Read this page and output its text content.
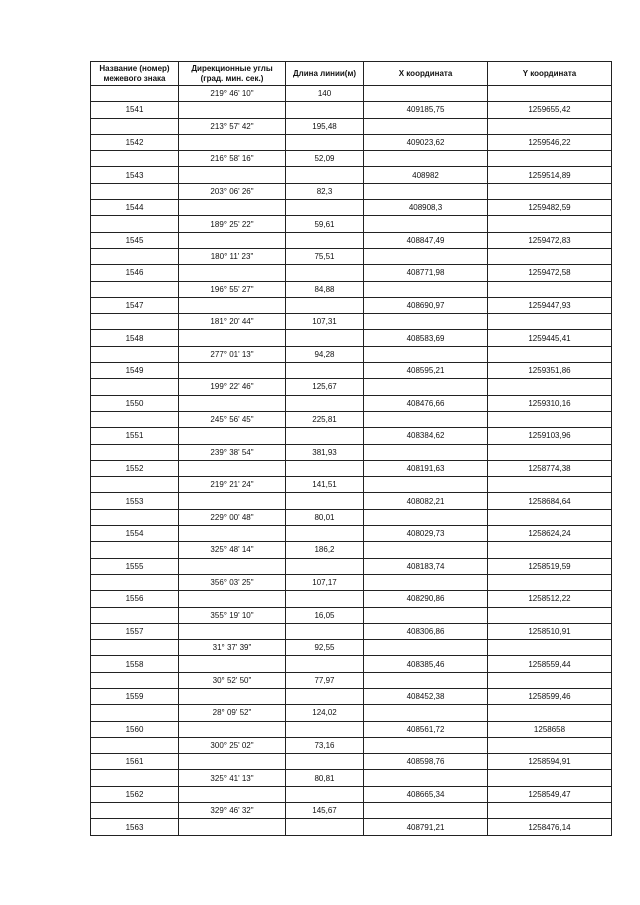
Название (номер)
межевого знака	Дирекционные углы
(град. мин. сек.)	Длина линии(м)	X координата	Y координата
	219° 46' 10"	140		
1541			409185,75	1259655,42
	213° 57' 42"	195,48		
1542			409023,62	1259546,22
	216° 58' 16"	52,09		
1543			408982	1259514,89
	203° 06' 26"	82,3		
1544			408908,3	1259482,59
	189° 25' 22"	59,61		
1545			408847,49	1259472,83
	180° 11' 23"	75,51		
1546			408771,98	1259472,58
	196° 55' 27"	84,88		
1547			408690,97	1259447,93
	181° 20' 44"	107,31		
1548			408583,69	1259445,41
	277° 01' 13"	94,28		
1549			408595,21	1259351,86
	199° 22' 46"	125,67		
1550			408476,66	1259310,16
	245° 56' 45"	225,81		
1551			408384,62	1259103,96
	239° 38' 54"	381,93		
1552			408191,63	1258774,38
	219° 21' 24"	141,51		
1553			408082,21	1258684,64
	229° 00' 48"	80,01		
1554			408029,73	1258624,24
	325° 48' 14"	186,2		
1555			408183,74	1258519,59
	356° 03' 25"	107,17		
1556			408290,86	1258512,22
	355° 19' 10"	16,05		
1557			408306,86	1258510,91
	31° 37' 39"	92,55		
1558			408385,46	1258559,44
	30° 52' 50"	77,97		
1559			408452,38	1258599,46
	28° 09' 52"	124,02		
1560			408561,72	1258658
	300° 25' 02"	73,16		
1561			408598,76	1258594,91
	325° 41' 13"	80,81		
1562			408665,34	1258549,47
	329° 46' 32"	145,67		
1563			408791,21	1258476,14
